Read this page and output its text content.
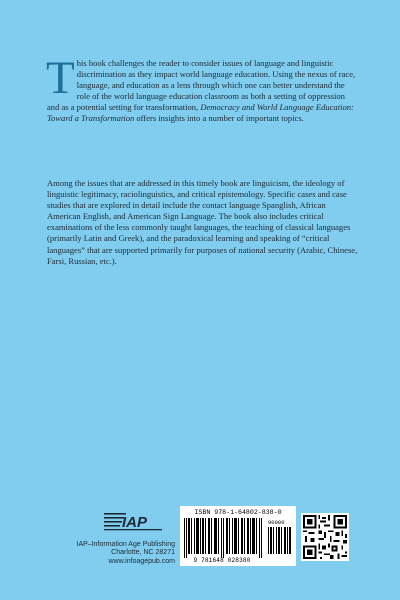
This book challenges the reader to consider issues of language and linguistic discrimination as they impact world language education. Using the nexus of race, language, and education as a lens through which one can better understand the role of the world language education classroom as both a setting of oppression and as a potential setting for transformation, Democracy and World Language Education: Toward a Transformation offers insights into a number of important topics.

Among the issues that are addressed in this timely book are linguicism, the ideology of linguistic legitimacy, raciolinguistics, and critical epistemology. Specific cases and case studies that are explored in detail include the contact language Spanglish, African American English, and American Sign Language. The book also includes critical examinations of the less commonly taught languages, the teaching of classical languages (primarily Latin and Greek), and the paradoxical learning and speaking of “critical languages” that are supported primarily for purposes of national security (Arabic, Chinese, Farsi, Russian, etc.).

IAP
IAP–Information Age Publishing
Charlotte, NC 28271
www.infoagepub.com
ISBN 978-1-64802-838-0
90000
9 781648 028380
